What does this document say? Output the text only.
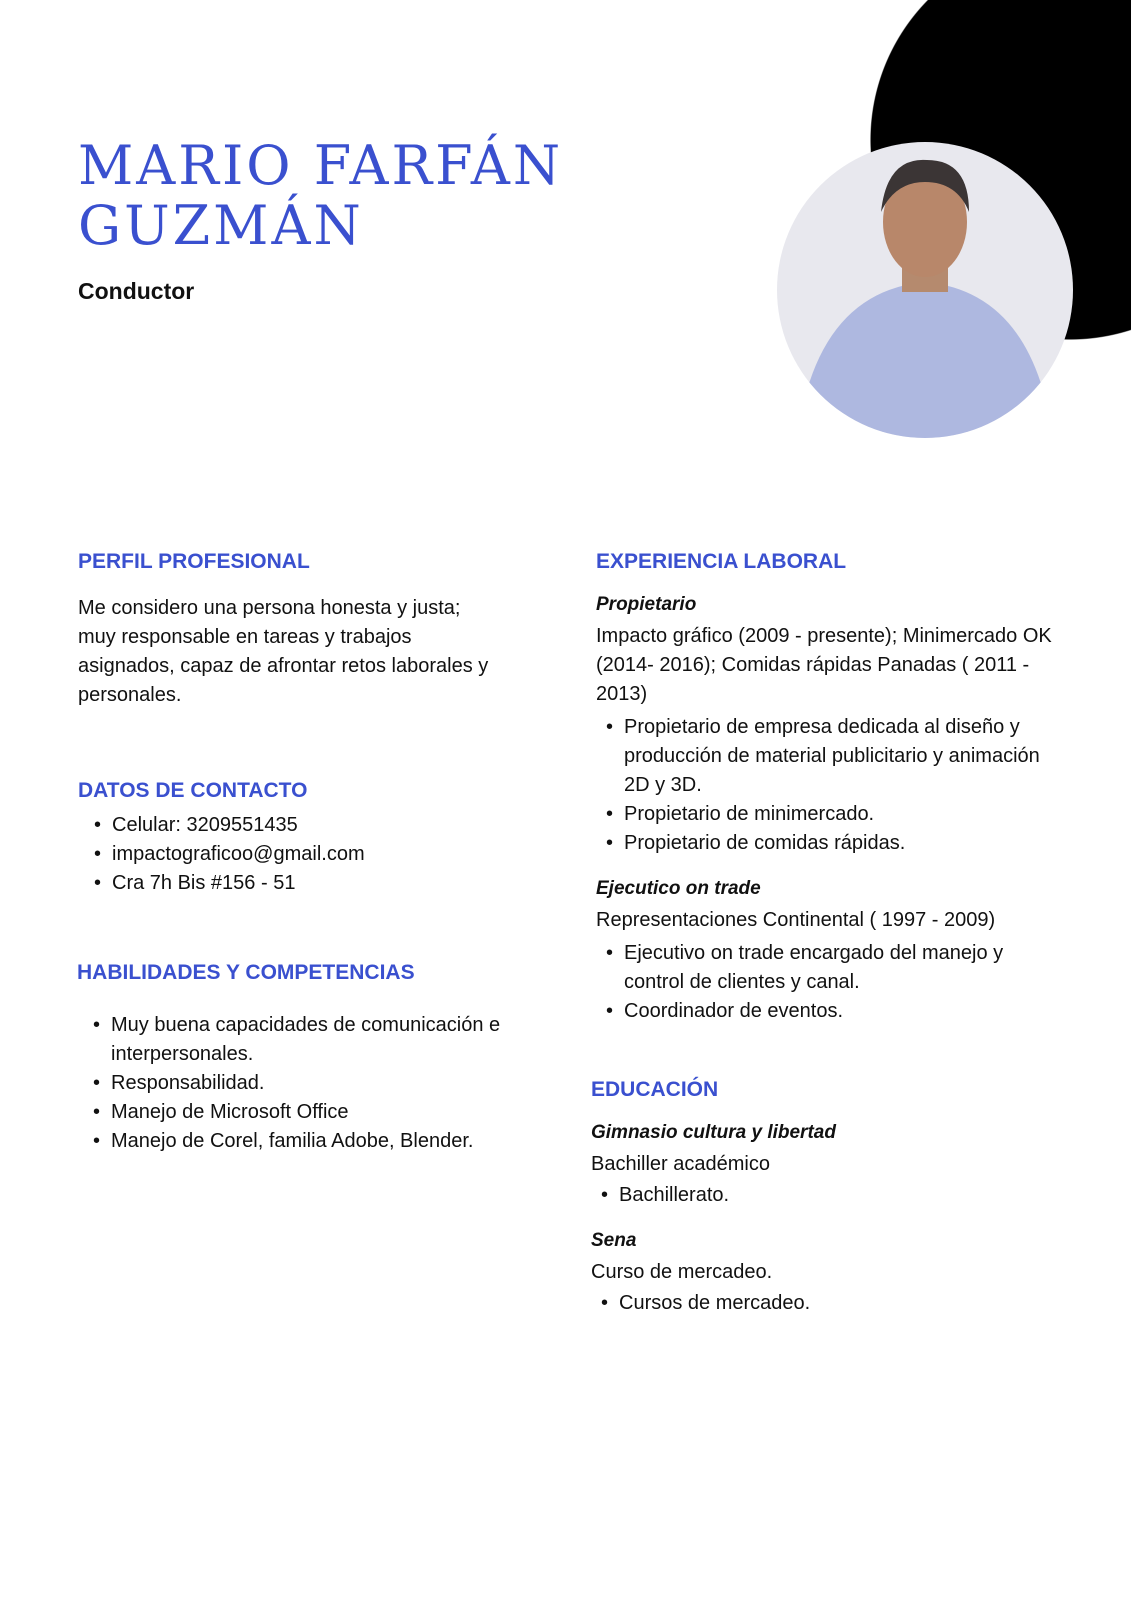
MARIO FARFÁN
GUZMÁN
Conductor
PERFIL PROFESIONAL

Me considero una persona honesta y justa; muy responsable en tareas y trabajos asignados, capaz de afrontar retos laborales y personales.

DATOS DE CONTACTO
• Celular: 3209551435
• impactograficoo@gmail.com
• Cra 7h Bis #156 - 51
HABILIDADES Y COMPETENCIAS
• Muy buena capacidades de comunicación e interpersonales.
• Responsabilidad.
• Manejo de Microsoft Office
• Manejo de Corel, familia Adobe, Blender.
EXPERIENCIA LABORAL
Propietario

Impacto gráfico (2009 - presente); Minimercado OK (2014- 2016); Comidas rápidas Panadas ( 2011 - 2013)

• Propietario de empresa dedicada al diseño y producción de material publicitario y animación 2D y 3D.
• Propietario de minimercado.
• Propietario de comidas rápidas.
Ejecutico on trade

Representaciones Continental ( 1997 - 2009)

• Ejecutivo on trade encargado del manejo y control de clientes y canal.
• Coordinador de eventos.
EDUCACIÓN
Gimnasio cultura y libertad

Bachiller académico

• Bachillerato.
Sena

Curso de mercadeo.

• Cursos de mercadeo.
